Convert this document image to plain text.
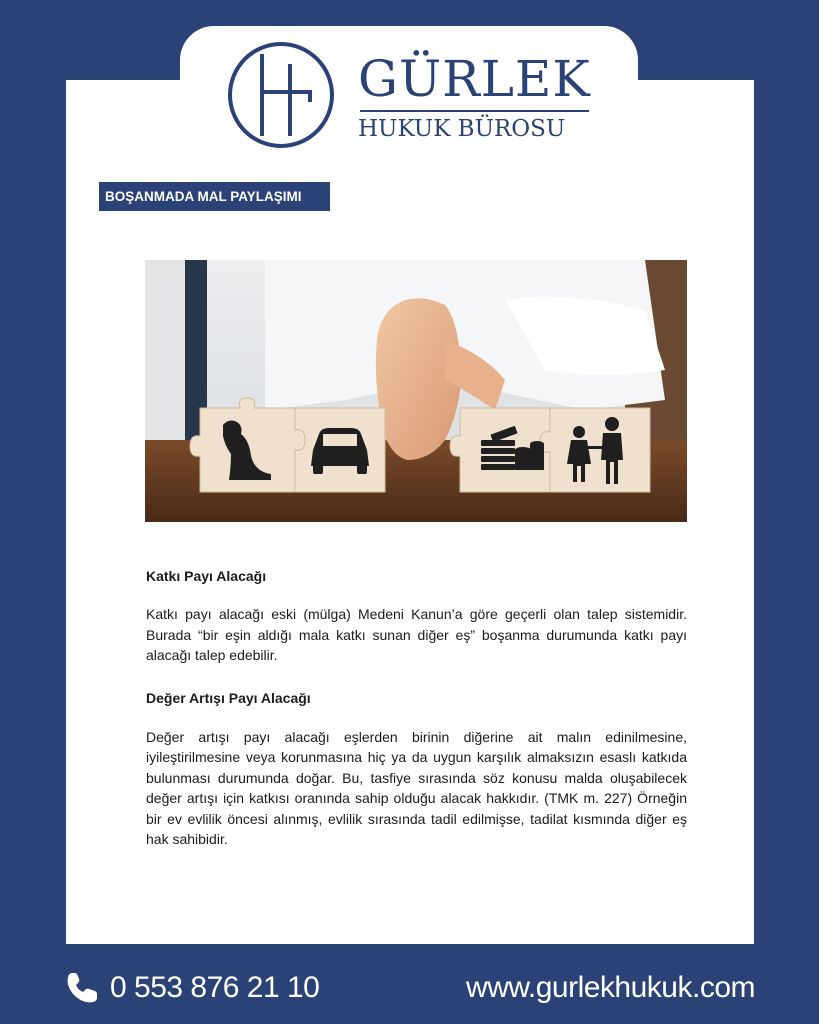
GÜRLEK
HUKUK BÜROSU
BOŞANMADA MAL PAYLAŞIMI
Katkı Payı Alacağı
Katkı payı alacağı eski (mülga) Medeni Kanun’a göre geçerli olan talep sistemidir. Burada “bir eşin aldığı mala katkı sunan diğer eş” boşanma durumunda katkı payı alacağı talep edebilir.
Değer Artışı Payı Alacağı
Değer artışı payı alacağı eşlerden birinin diğerine ait malın edinilmesine, iyileştirilmesine veya korunmasına hiç ya da uygun karşılık almaksızın esaslı katkıda bulunması durumunda doğar. Bu, tasfiye sırasında söz konusu malda oluşabilecek değer artışı için katkısı oranında sahip olduğu alacak hakkıdır. (TMK m. 227) Örneğin bir ev evlilik öncesi alınmış, evlilik sırasında tadil edilmişse, tadilat kısmında diğer eş hak sahibidir.
0 553 876 21 10	www.gurlekhukuk.com
